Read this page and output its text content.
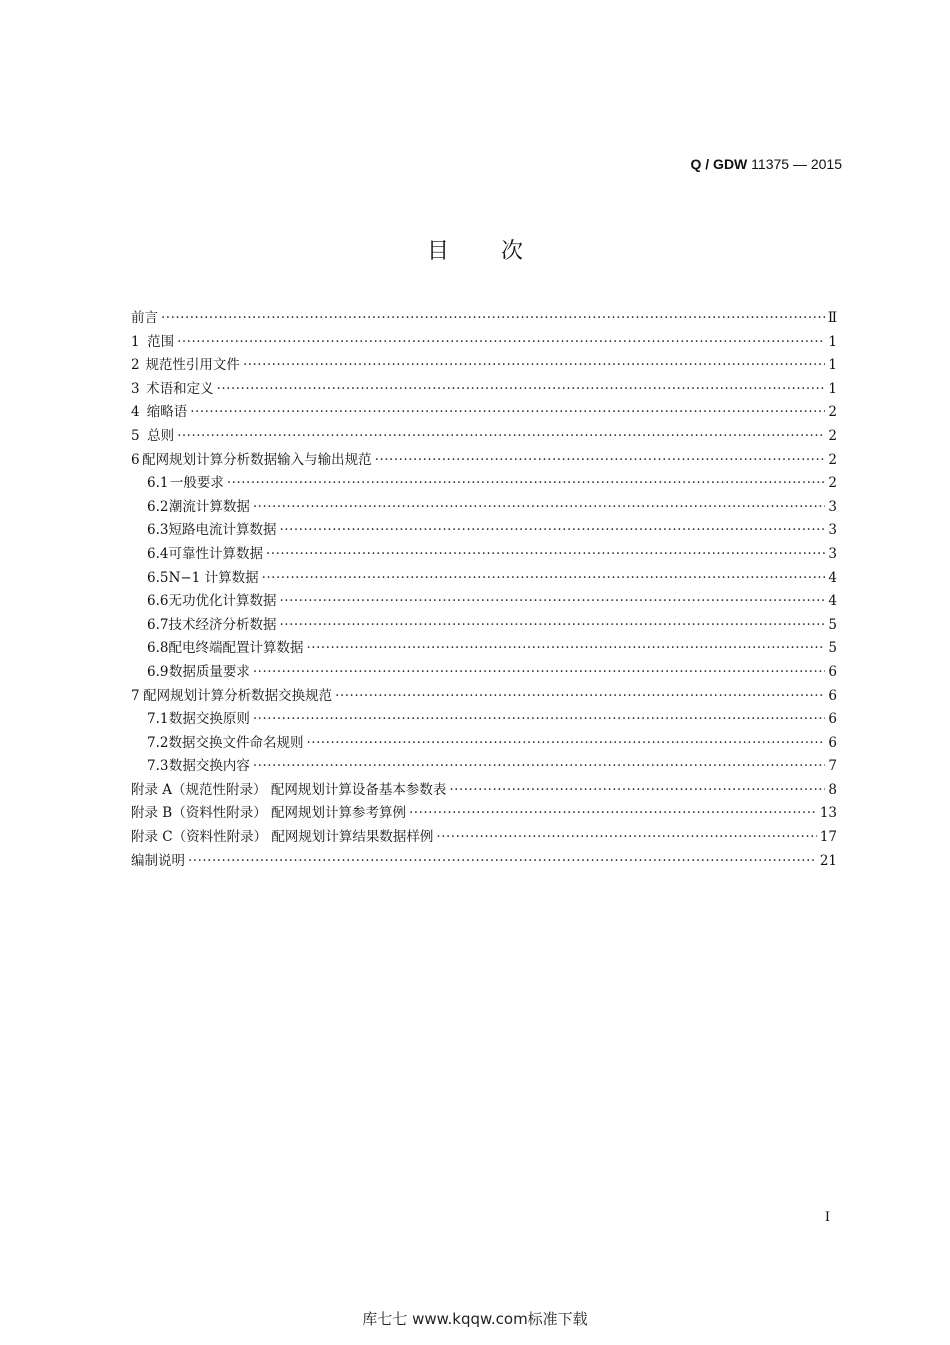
Q / GDW 11375 — 2015
目次
前言 ·····	Ⅱ
1 范围 ·····	1
2 规范性引用文件 ·····	1
3 术语和定义 ·····	1
4 缩略语 ·····	2
5 总则 ·····	2
6 配网规划计算分析数据输入与输出规范 ·····	2
6.1 一般要求 ·····	2
6.2 潮流计算数据 ·····	3
6.3 短路电流计算数据 ·····	3
6.4 可靠性计算数据 ·····	3
6.5 N−1 计算数据 ·····	4
6.6 无功优化计算数据 ·····	4
6.7 技术经济分析数据 ·····	5
6.8 配电终端配置计算数据 ·····	5
6.9 数据质量要求 ·····	6
7 配网规划计算分析数据交换规范 ·····	6
7.1 数据交换原则 ·····	6
7.2 数据交换文件命名规则 ·····	6
7.3 数据交换内容 ·····	7
附录 A（规范性附录） 配网规划计算设备基本参数表 ·····	8
附录 B（资料性附录） 配网规划计算参考算例 ·····	13
附录 C（资料性附录） 配网规划计算结果数据样例 ·····	17
编制说明 ·····	21
I
库七七 www.kqqw.com标准下载
